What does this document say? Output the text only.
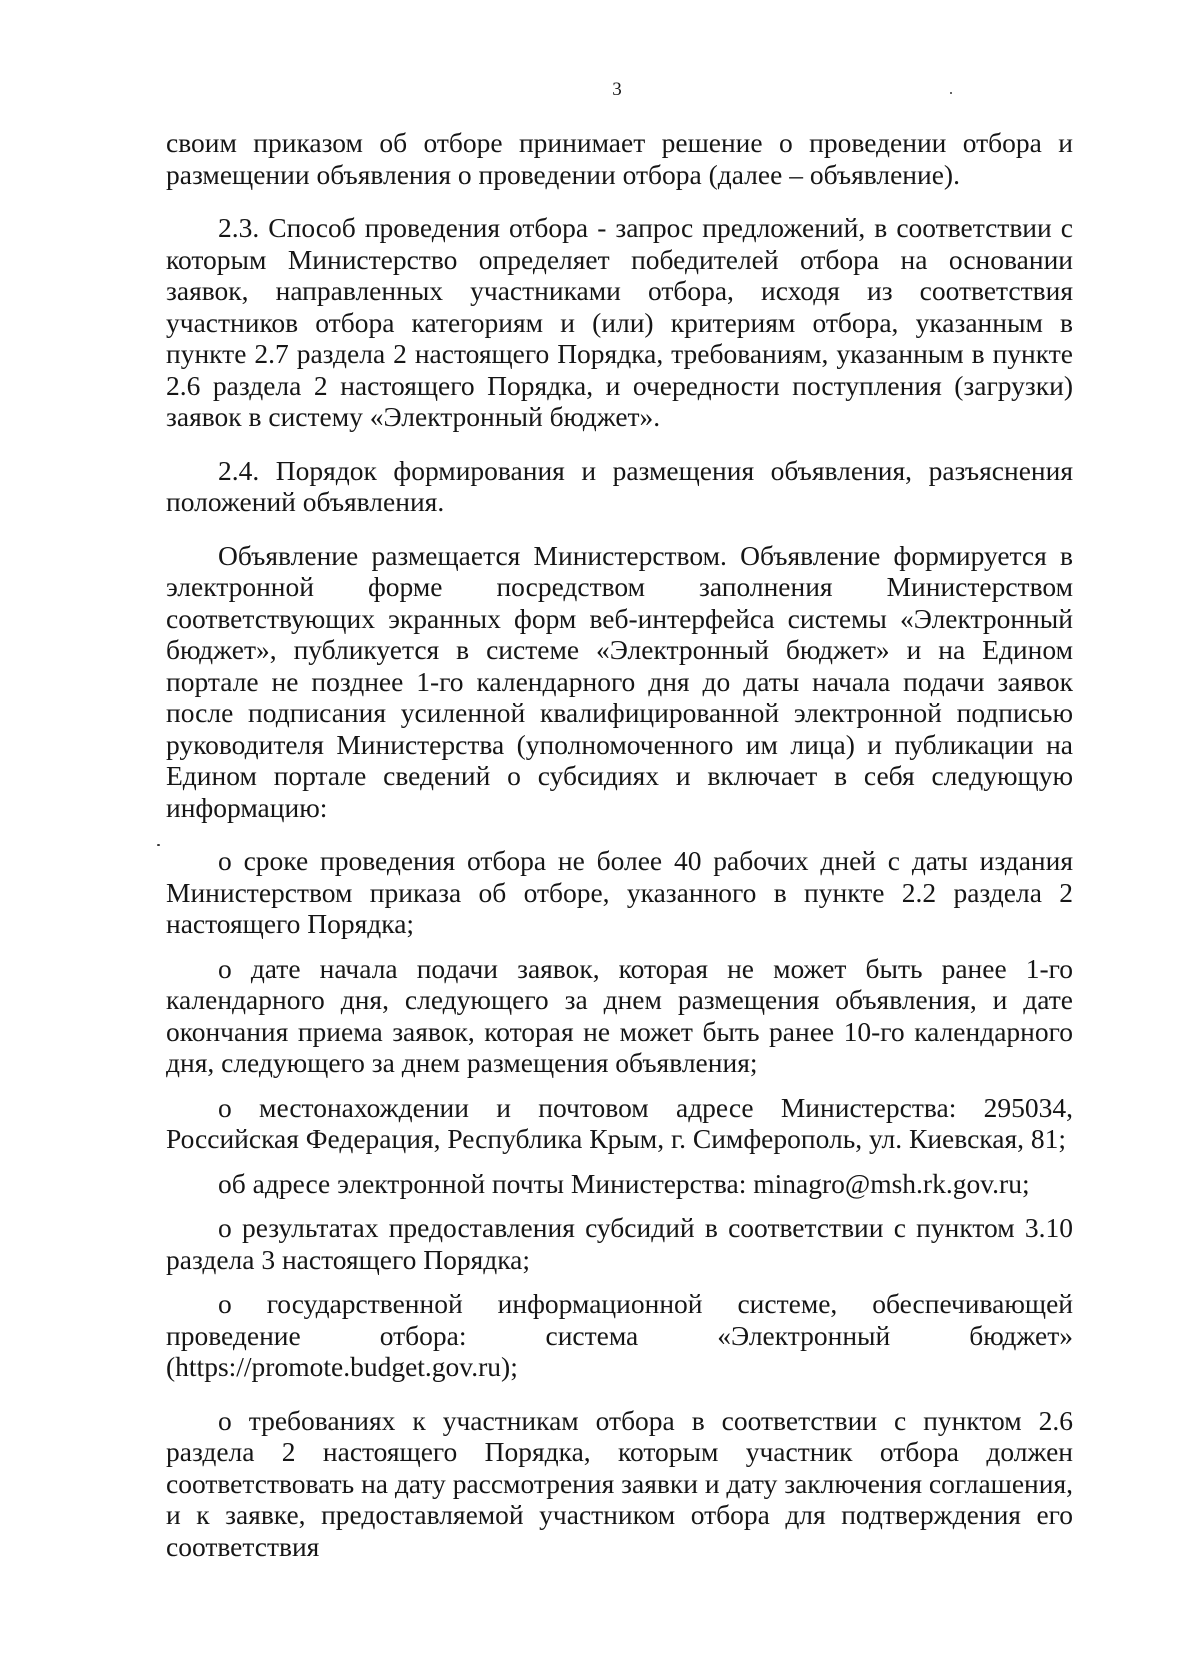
3

своим приказом об отборе принимает решение о проведении отбора и размещении объявления о проведении отбора (далее – объявление).

2.3. Способ проведения отбора - запрос предложений, в соответствии с которым Министерство определяет победителей отбора на основании заявок, направленных участниками отбора, исходя из соответствия участников отбора категориям и (или) критериям отбора, указанным в пункте 2.7 раздела 2 настоящего Порядка, требованиям, указанным в пункте 2.6 раздела 2 настоящего Порядка, и очередности поступления (загрузки) заявок в систему «Электронный бюджет».

2.4. Порядок формирования и размещения объявления, разъяснения положений объявления.

Объявление размещается Министерством. Объявление формируется в электронной форме посредством заполнения Министерством соответствующих экранных форм веб-интерфейса системы «Электронный бюджет», публикуется в системе «Электронный бюджет» и на Едином портале не позднее 1-го календарного дня до даты начала подачи заявок после подписания усиленной квалифицированной электронной подписью руководителя Министерства (уполномоченного им лица) и публикации на Едином портале сведений о субсидиях и включает в себя следующую информацию:

о сроке проведения отбора не более 40 рабочих дней с даты издания Министерством приказа об отборе, указанного в пункте 2.2 раздела 2 настоящего Порядка;

о дате начала подачи заявок, которая не может быть ранее 1-го календарного дня, следующего за днем размещения объявления, и дате окончания приема заявок, которая не может быть ранее 10-го календарного дня, следующего за днем размещения объявления;

о местонахождении и почтовом адресе Министерства: 295034, Российская Федерация, Республика Крым, г. Симферополь, ул. Киевская, 81;

об адресе электронной почты Министерства: minagro@msh.rk.gov.ru;

о результатах предоставления субсидий в соответствии с пунктом 3.10 раздела 3 настоящего Порядка;

о государственной информационной системе, обеспечивающей проведение отбора: система «Электронный бюджет» (https://promote.budget.gov.ru);

о требованиях к участникам отбора в соответствии с пунктом 2.6 раздела 2 настоящего Порядка, которым участник отбора должен соответствовать на дату рассмотрения заявки и дату заключения соглашения, и к заявке, предоставляемой участником отбора для подтверждения его соответствия
